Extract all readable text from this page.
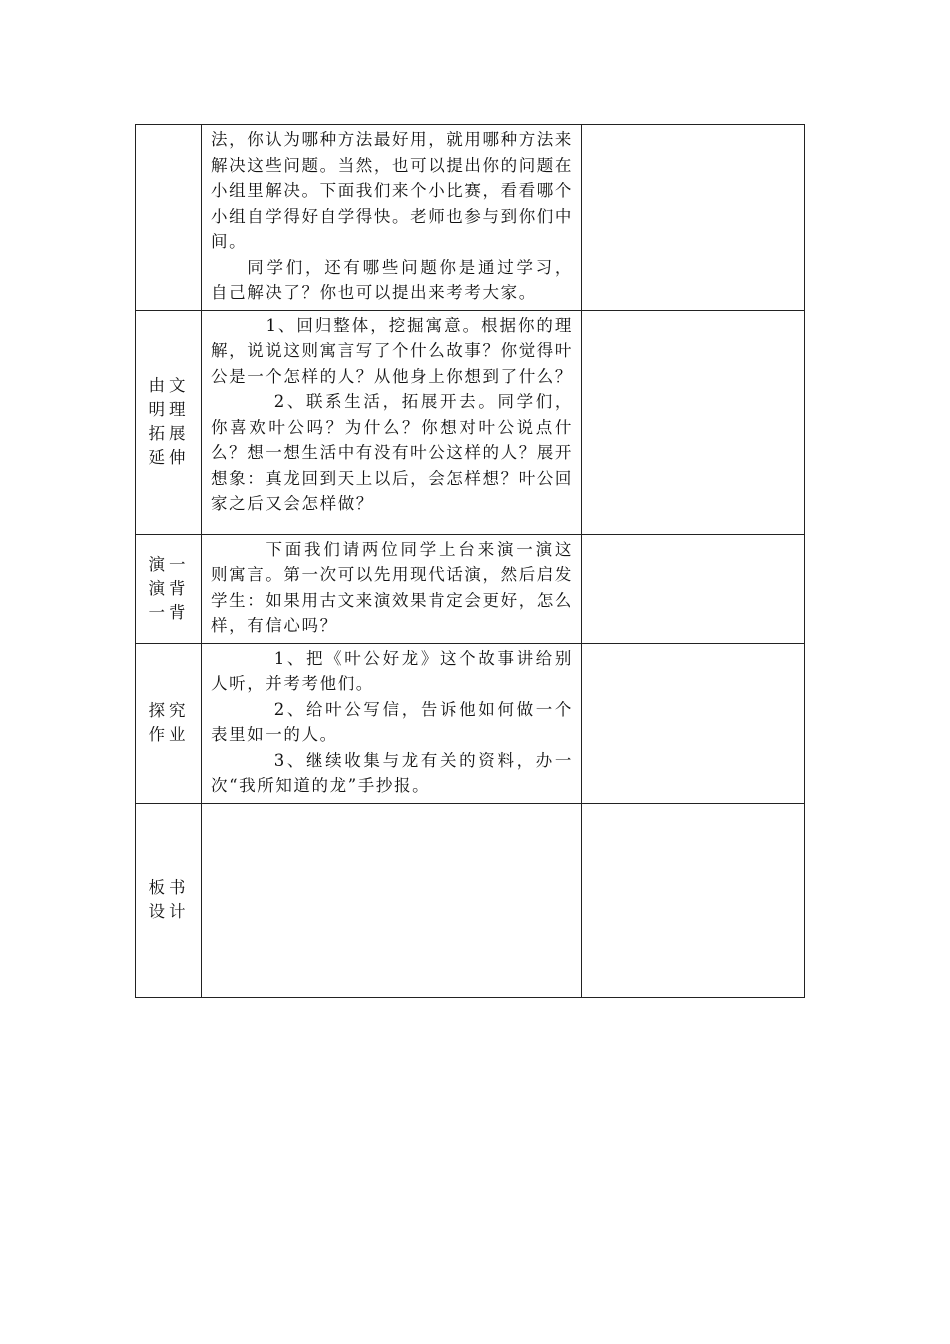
	法，你认为哪种方法最好用，就用哪种方法来解决这些问题。当然，也可以提出你的问题在小组里解决。下面我们来个小比赛，看看哪个小组自学得好自学得快。老师也参与到你们中间。

同学们，还有哪些问题你是通过学习，自己解决了？你也可以提出来考考大家。	

由文明理拓展延伸	1、回归整体，挖掘寓意。根据你的理解，说说这则寓言写了个什么故事？你觉得叶公是一个怎样的人？从他身上你想到了什么？

2、联系生活，拓展开去。同学们，你喜欢叶公吗？为什么？你想对叶公说点什么？想一想生活中有没有叶公这样的人？展开想象：真龙回到天上以后，会怎样想？叶公回家之后又会怎样做？	

演一演背一背	下面我们请两位同学上台来演一演这则寓言。第一次可以先用现代话演，然后启发学生：如果用古文来演效果肯定会更好，怎么样，有信心吗？	

探究作业	1、把《叶公好龙》这个故事讲给别人听，并考考他们。

2、给叶公写信，告诉他如何做一个表里如一的人。

3、继续收集与龙有关的资料，办一次“我所知道的龙”手抄报。	

板书设计	
